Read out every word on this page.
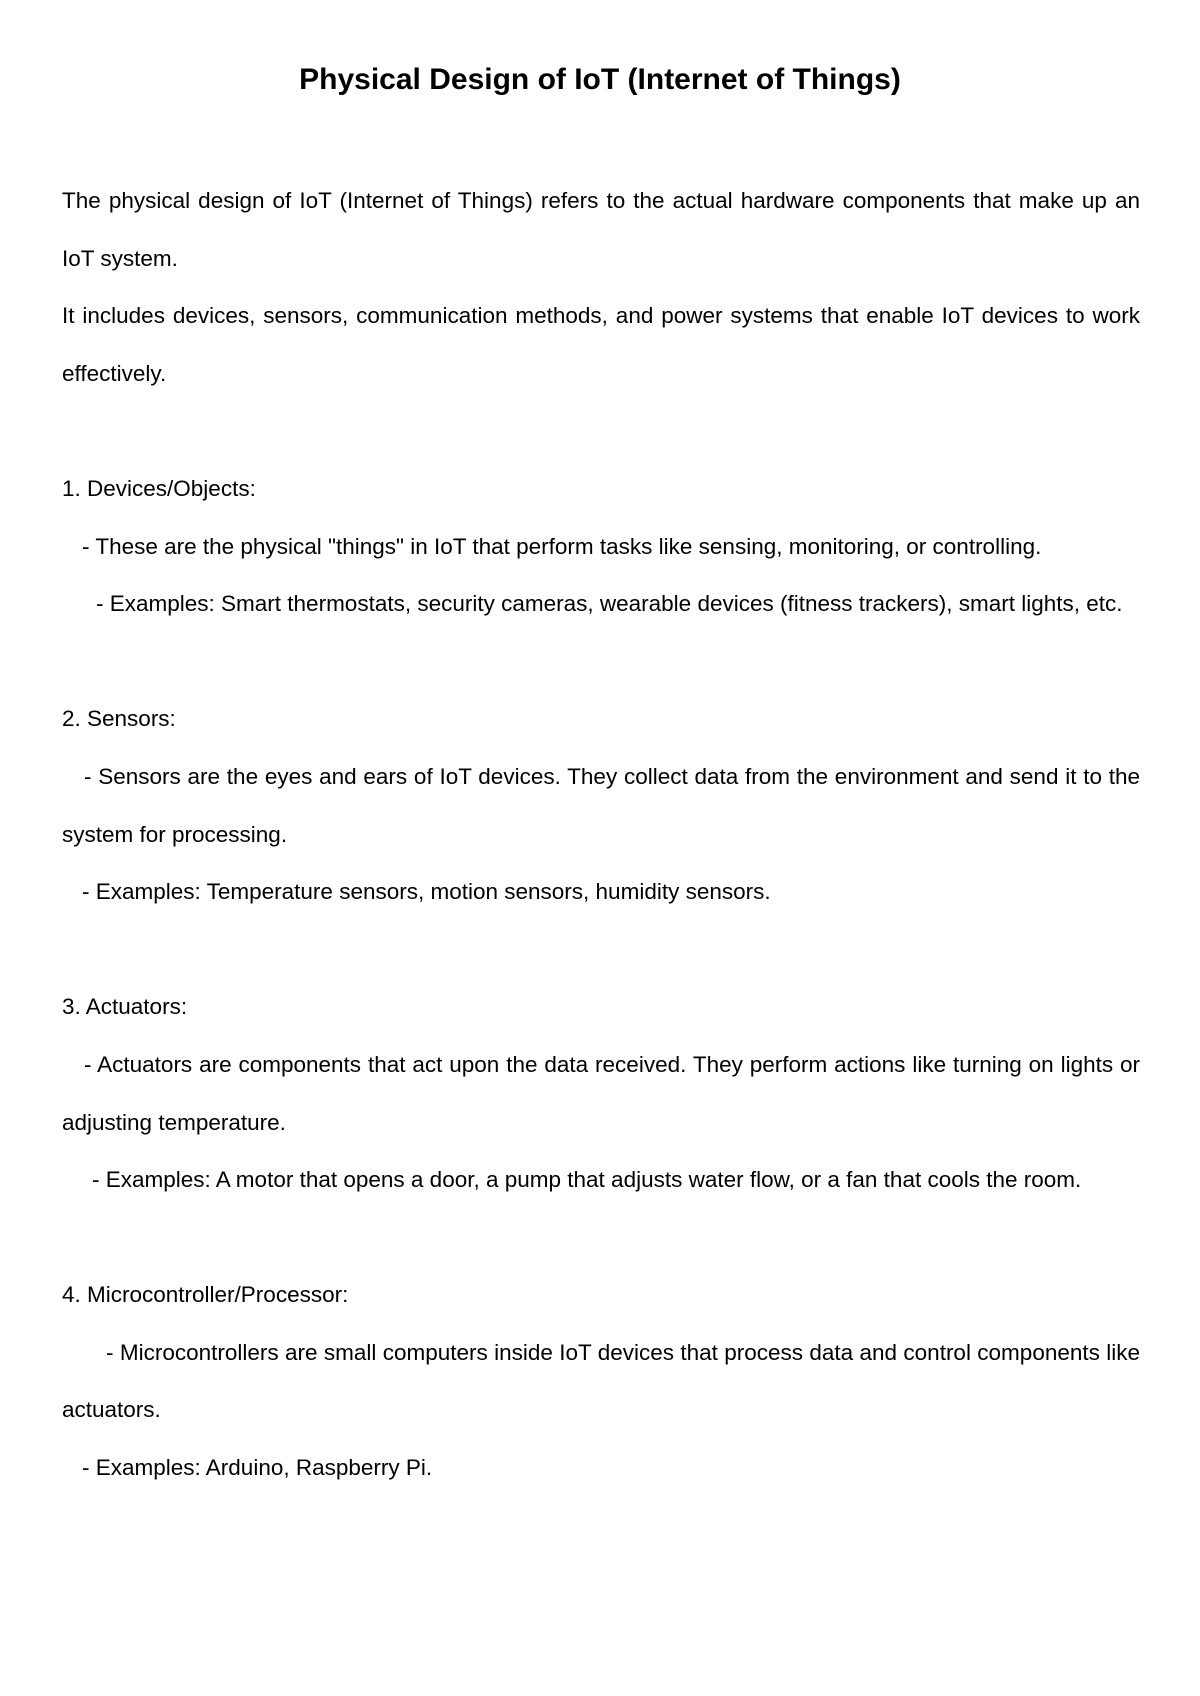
Physical Design of IoT (Internet of Things)

The physical design of IoT (Internet of Things) refers to the actual hardware components that make up an IoT system.

It includes devices, sensors, communication methods, and power systems that enable IoT devices to work effectively.

1. Devices/Objects:

- These are the physical "things" in IoT that perform tasks like sensing, monitoring, or controlling.

- Examples: Smart thermostats, security cameras, wearable devices (fitness trackers), smart lights, etc.

2. Sensors:

- Sensors are the eyes and ears of IoT devices. They collect data from the environment and send it to the system for processing.

- Examples: Temperature sensors, motion sensors, humidity sensors.

3. Actuators:

- Actuators are components that act upon the data received. They perform actions like turning on lights or adjusting temperature.

- Examples: A motor that opens a door, a pump that adjusts water flow, or a fan that cools the room.

4. Microcontroller/Processor:

- Microcontrollers are small computers inside IoT devices that process data and control components like actuators.

- Examples: Arduino, Raspberry Pi.
